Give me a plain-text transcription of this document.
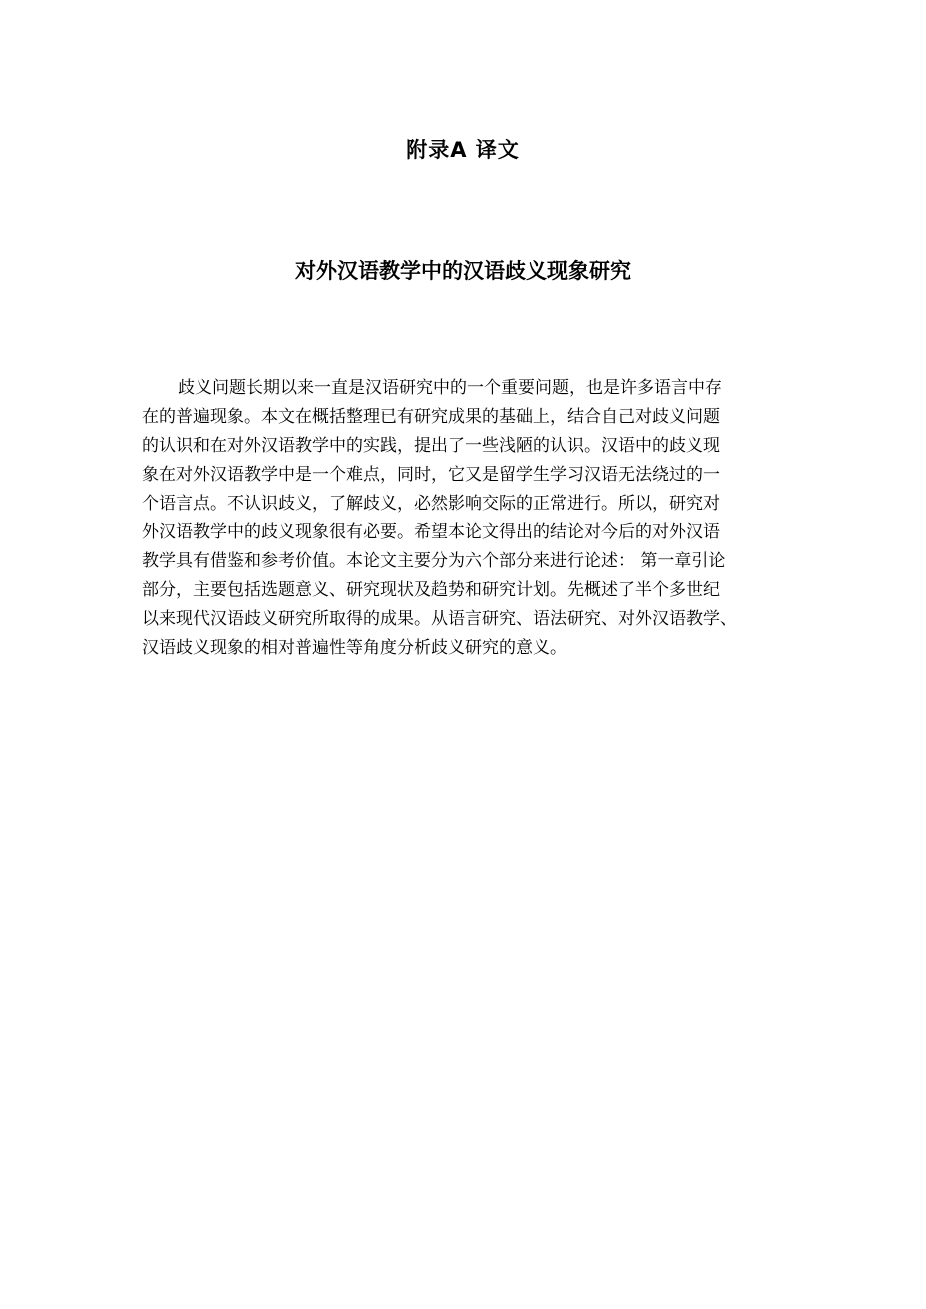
附录A 译文
对外汉语教学中的汉语歧义现象研究
歧义问题长期以来一直是汉语研究中的一个重要问题，也是许多语言中存
在的普遍现象。本文在概括整理已有研究成果的基础上，结合自己对歧义问题
的认识和在对外汉语教学中的实践，提出了一些浅陋的认识。汉语中的歧义现
象在对外汉语教学中是一个难点，同时，它又是留学生学习汉语无法绕过的一
个语言点。不认识歧义，了解歧义，必然影响交际的正常进行。所以，研究对
外汉语教学中的歧义现象很有必要。希望本论文得出的结论对今后的对外汉语
教学具有借鉴和参考价值。本论文主要分为六个部分来进行论述： 第一章引论
部分，主要包括选题意义、研究现状及趋势和研究计划。先概述了半个多世纪
以来现代汉语歧义研究所取得的成果。从语言研究、语法研究、对外汉语教学、
汉语歧义现象的相对普遍性等角度分析歧义研究的意义。
